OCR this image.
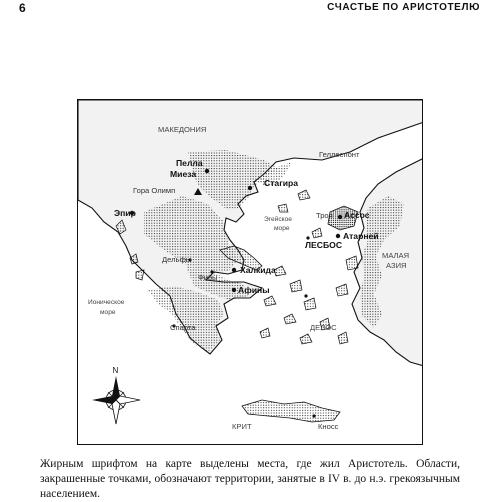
6	СЧАСТЬЕ ПО АРИСТОТЕЛЮ
МАКЕДОНИЯ
Геллеспонт
Пелла
Миеза
Гора Олимп
Стагира
Эпир
Эгейское
море
Троя Ассос
Атарней
ЛЕСБОС
МАЛАЯ
АЗИЯ
Дельфы
Фивы
Халкида
Афины
Ионическое
море
Спарта	ДЕЛОС
КРИТ	Кносс
N

Жирным шрифтом на карте выделены места, где жил Аристотель. Области, закрашенные точками, обозначают территории, занятые в IV в. до н.э. грекоязычным населением.
